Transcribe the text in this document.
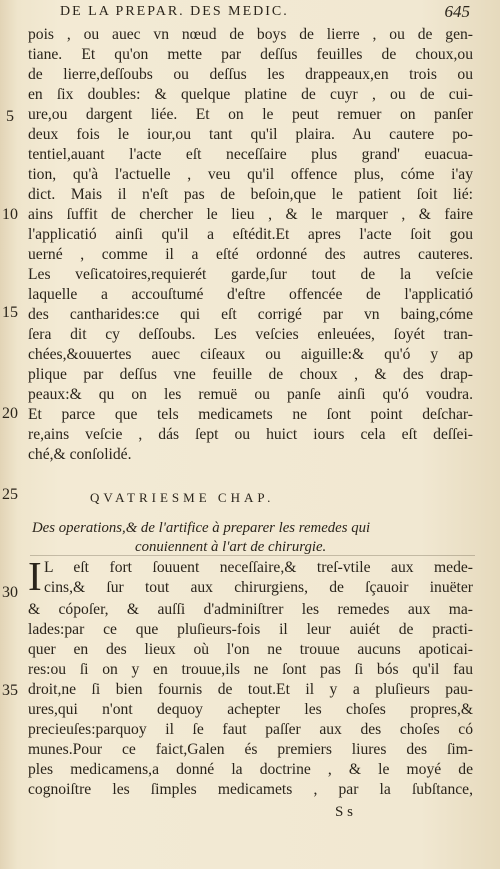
DE LA PREPAR. DES MEDIC.	645
pois , ou auec vn nœud de boys de lierre , ou de gen-
tiane. Et qu'on mette par deſſus feuilles de choux,ou
de lierre,deſſoubs ou deſſus les drappeaux,en trois ou
en ſix doubles: & quelque platine de cuyr , ou de cui-
ure,ou dargent liée. Et on le peut remuer on panſer
deux fois le iour,ou tant qu'il plaira. Au cautere po-
tentiel,auant l'acte eſt neceſſaire plus grand' euacua-
tion, qu'à l'actuelle , veu qu'il offence plus, cóme i'ay
dict. Mais il n'eſt pas de beſoin,que le patient ſoit lié:
ains ſuffit de chercher le lieu , & le marquer , & faire
l'applicatió ainſi qu'il a eſtédit.Et apres l'acte ſoit gou
uerné , comme il a eſté ordonné des autres cauteres.
Les veſicatoires,requierét garde,ſur tout de la veſcie
laquelle a accouſtumé d'eſtre offencée de l'applicatió
des cantharides:ce qui eſt corrigé par vn baing,cóme
ſera dit cy deſſoubs. Les veſcies enleuées, ſoyét tran-
chées,&ouuertes auec ciſeaux ou aiguille:& qu'ó y ap
plique par deſſus vne feuille de choux , & des drap-
peaux:& qu on les remuë ou panſe ainſi qu'ó voudra.
Et parce que tels medicamets ne ſont point deſchar-
re,ains veſcie , dás ſept ou huict iours cela eſt deſſei-
ché,& conſolidé.
5
10
15
20
25
30
35
QVATRIESME CHAP.
Des operations,& de l'artifice à preparer les remedes qui
conuiennent à l'art de chirurgie.
I L eſt fort ſouuent neceſſaire,& treſ-vtile aux mede-
cins,& ſur tout aux chirurgiens, de ſçauoir inuëter
& cópoſer, & auſſi d'adminiſtrer les remedes aux ma-
lades:par ce que pluſieurs-fois il leur auiét de practi-
quer en des lieux où l'on ne trouue aucuns apoticai-
res:ou ſi on y en trouue,ils ne ſont pas ſi bós qu'il fau
droit,ne ſi bien fournis de tout.Et il y a pluſieurs pau-
ures,qui n'ont dequoy achepter les choſes propres,&
precieuſes:parquoy il ſe faut paſſer aux des choſes có
munes.Pour ce faict,Galen és premiers liures des ſim-
ples medicamens,a donné la doctrine , & le moyé de
cognoiſtre les ſimples medicamets , par la ſubſtance,
S s
